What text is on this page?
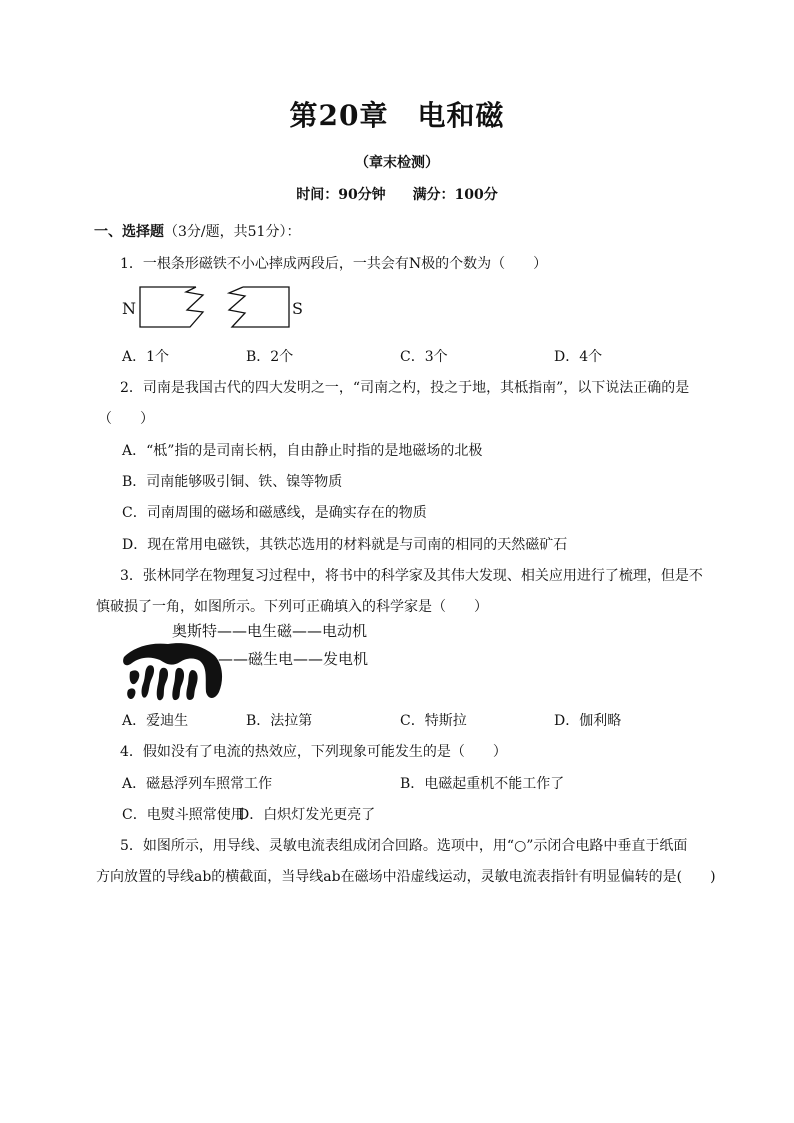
第20章　电和磁
（章末检测）
时间：90分钟 满分：100分
一、选择题（3分/题，共51分）：
1．一根条形磁铁不小心摔成两段后，一共会有N极的个数为（　　）
N	S
A．1个	B．2个	C．3个	D．4个
2．司南是我国古代的四大发明之一，“司南之杓，投之于地，其柢指南”，以下说法正确的是
（　　）
A．“柢”指的是司南长柄，自由静止时指的是地磁场的北极
B．司南能够吸引铜、铁、镍等物质
C．司南周围的磁场和磁感线，是确实存在的物质
D．现在常用电磁铁，其铁芯选用的材料就是与司南的相同的天然磁矿石
3．张林同学在物理复习过程中，将书中的科学家及其伟大发现、相关应用进行了梳理，但是不
慎破损了一角，如图所示。下列可正确填入的科学家是（　　）
奥斯特——电生磁——电动机
——磁生电——发电机
A．爱迪生	B．法拉第	C．特斯拉	D．伽利略
4．假如没有了电流的热效应，下列现象可能发生的是（　　）
A．磁悬浮列车照常工作	B．电磁起重机不能工作了
C．电熨斗照常使用
D．白炽灯发光更亮了
5．如图所示，用导线、灵敏电流表组成闭合回路。选项中，用“○”示闭合电路中垂直于纸面
方向放置的导线ab的横截面，当导线ab在磁场中沿虚线运动，灵敏电流表指针有明显偏转的是(　　)
